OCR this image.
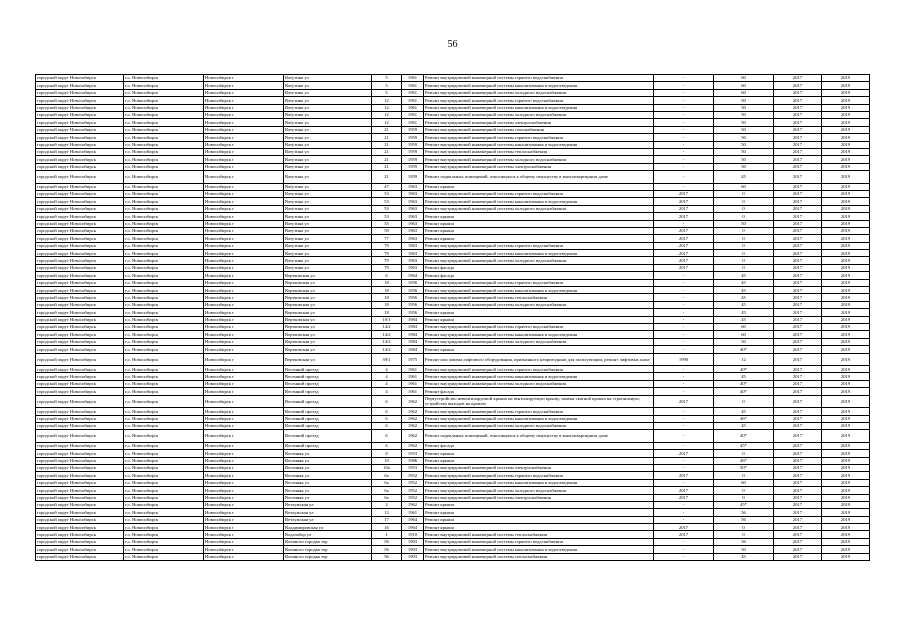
56
городской округ Новосибирск	г.о. Новосибирск	Новосибирск г	Ватутина ул	5	1961	Ремонт внутридомовой инженерной системы горячего водоснабжения	-	60	2017	2019
городской округ Новосибирск	г.о. Новосибирск	Новосибирск г	Ватутина ул	5	1961	Ремонт внутридомовой инженерной системы канализования и водоотведения	-	60	2017	2019
городской округ Новосибирск	г.о. Новосибирск	Новосибирск г	Ватутина ул	5	1961	Ремонт внутридомовой инженерной системы холодного водоснабжения	-	60	2017	2019
городской округ Новосибирск	г.о. Новосибирск	Новосибирск г	Ватутина ул	12	1961	Ремонт внутридомовой инженерной системы горячего водоснабжения	-	50	2017	2019
городской округ Новосибирск	г.о. Новосибирск	Новосибирск г	Ватутина ул	12	1961	Ремонт внутридомовой инженерной системы канализования и водоотведения	-	50	2017	2019
городской округ Новосибирск	г.о. Новосибирск	Новосибирск г	Ватутина ул	12	1961	Ремонт внутридомовой инженерной системы холодного водоснабжения	-	50	2017	2019
городской округ Новосибирск	г.о. Новосибирск	Новосибирск г	Ватутина ул	12	1961	Ремонт внутридомовой инженерной системы электроснабжения	-	50	2017	2019
городской округ Новосибирск	г.о. Новосибирск	Новосибирск г	Ватутина ул	21	1959	Ремонт внутридомовой инженерной системы газоснабжения	-	50	2017	2019
городской округ Новосибирск	г.о. Новосибирск	Новосибирск г	Ватутина ул	21	1959	Ремонт внутридомовой инженерной системы горячего водоснабжения	-	50	2017	2019
городской округ Новосибирск	г.о. Новосибирск	Новосибирск г	Ватутина ул	21	1959	Ремонт внутридомовой инженерной системы канализования и водоотведения	-	50	2017	2019
городской округ Новосибирск	г.о. Новосибирск	Новосибирск г	Ватутина ул	21	1959	Ремонт внутридомовой инженерной системы теплоснабжения	-	50	2017	2019
городской округ Новосибирск	г.о. Новосибирск	Новосибирск г	Ватутина ул	21	1959	Ремонт внутридомовой инженерной системы холодного водоснабжения	-	50	2017	2019
городской округ Новосибирск	г.о. Новосибирск	Новосибирск г	Ватутина ул	21	1959	Ремонт внутридомовой инженерной системы электроснабжения	-	50	2017	2019
городской округ Новосибирск	г.о. Новосибирск	Новосибирск г	Ватутина ул	21	1959	Ремонт подвальных помещений, относящихся к общему имуществу в многоквартирном доме	-	45	2017	2019
городской округ Новосибирск	г.о. Новосибирск	Новосибирск г	Ватутина ул	47	1963	Ремонт крыши	-	60	2017	2019
городской округ Новосибирск	г.о. Новосибирск	Новосибирск г	Ватутина ул	53	1963	Ремонт внутридомовой инженерной системы горячего водоснабжения	2017	0	2017	2019
городской округ Новосибирск	г.о. Новосибирск	Новосибирск г	Ватутина ул	53	1963	Ремонт внутридомовой инженерной системы канализования и водоотведения	2017	0	2017	2019
городской округ Новосибирск	г.о. Новосибирск	Новосибирск г	Ватутина ул	53	1963	Ремонт внутридомовой инженерной системы холодного водоснабжения	2017	0	2017	2019
городской округ Новосибирск	г.о. Новосибирск	Новосибирск г	Ватутина ул	53	1963	Ремонт крыши	2017	0	2017	2019
городской округ Новосибирск	г.о. Новосибирск	Новосибирск г	Ватутина ул	55	1963	Ремонт крыши	-	50	2017	2019
городской округ Новосибирск	г.о. Новосибирск	Новосибирск г	Ватутина ул	59	1963	Ремонт крыши	2017	0	2017	2019
городской округ Новосибирск	г.о. Новосибирск	Новосибирск г	Ватутина ул	77	1963	Ремонт крыши	2017	0	2017	2019
городской округ Новосибирск	г.о. Новосибирск	Новосибирск г	Ватутина ул	79	1963	Ремонт внутридомовой инженерной системы горячего водоснабжения	2017	0	2017	2019
городской округ Новосибирск	г.о. Новосибирск	Новосибирск г	Ватутина ул	79	1963	Ремонт внутридомовой инженерной системы канализования и водоотведения	2017	0	2017	2019
городской округ Новосибирск	г.о. Новосибирск	Новосибирск г	Ватутина ул	79	1963	Ремонт внутридомовой инженерной системы холодного водоснабжения	2017	0	2017	2019
городской округ Новосибирск	г.о. Новосибирск	Новосибирск г	Ватутина ул	79	1963	Ремонт фасада	2017	0	2017	2019
городской округ Новосибирск	г.о. Новосибирск	Новосибирск г	Вертковская ул	6	1964	Ремонт фасада	-	45	2017	2019
городской округ Новосибирск	г.о. Новосибирск	Новосибирск г	Вертковская ул	18	1956	Ремонт внутридомовой инженерной системы горячего водоснабжения	-	45	2017	2019
городской округ Новосибирск	г.о. Новосибирск	Новосибирск г	Вертковская ул	18	1956	Ремонт внутридомовой инженерной системы канализования и водоотведения	-	45	2017	2019
городской округ Новосибирск	г.о. Новосибирск	Новосибирск г	Вертковская ул	18	1956	Ремонт внутридомовой инженерной системы теплоснабжения	-	45	2017	2019
городской округ Новосибирск	г.о. Новосибирск	Новосибирск г	Вертковская ул	18	1956	Ремонт внутридомовой инженерной системы холодного водоснабжения	-	45	2017	2019
городской округ Новосибирск	г.о. Новосибирск	Новосибирск г	Вертковская ул	18	1956	Ремонт крыши	-	45	2017	2019
городской округ Новосибирск	г.о. Новосибирск	Новосибирск г	Вертковская ул	10/1	1984	Ремонт крыши	-	45	2017	2019
городской округ Новосибирск	г.о. Новосибирск	Новосибирск г	Вертковская ул	14/2	1984	Ремонт внутридомовой инженерной системы горячего водоснабжения	-	60	2017	2019
городской округ Новосибирск	г.о. Новосибирск	Новосибирск г	Вертковская ул	14/2	1984	Ремонт внутридомовой инженерной системы канализования и водоотведения	-	60	2017	2019
городской округ Новосибирск	г.о. Новосибирск	Новосибирск г	Вертковская ул	14/2	1984	Ремонт внутридомовой инженерной системы холодного водоснабжения	-	50	2017	2019
городской округ Новосибирск	г.о. Новосибирск	Новосибирск г	Вертковская ул	14/2	1984	Ремонт крыши	-	40*	2017	2019
городской округ Новосибирск	г.о. Новосибирск	Новосибирск г	Вертковская ул	39/1	1975	Ремонт или замена лифтового оборудования, признанного непригодным для эксплуатации, ремонт лифтовых шахт	1990	12	2017	2019
городской округ Новосибирск	г.о. Новосибирск	Новосибирск г	Весенний проезд	4	1961	Ремонт внутридомовой инженерной системы горячего водоснабжения	-	40*	2017	2019
городской округ Новосибирск	г.о. Новосибирск	Новосибирск г	Весенний проезд	4	1961	Ремонт внутридомовой инженерной системы канализования и водоотведения	-	45	2017	2019
городской округ Новосибирск	г.о. Новосибирск	Новосибирск г	Весенний проезд	4	1961	Ремонт внутридомовой инженерной системы холодного водоснабжения	-	40*	2017	2019
городской округ Новосибирск	г.о. Новосибирск	Новосибирск г	Весенний проезд	4	1961	Ремонт фасада	-	40*	2017	2019
городской округ Новосибирск	г.о. Новосибирск	Новосибирск г	Весенний проезд	6	1962	Переустройство невентилируемой крыши на вентилируемую крышу, замена скатной кровли на стропильную, устройство выходов на кровлю	2017	0	2017	2019
городской округ Новосибирск	г.о. Новосибирск	Новосибирск г	Весенний проезд	6	1962	Ремонт внутридомовой инженерной системы горячего водоснабжения	-	45	2017	2019
городской округ Новосибирск	г.о. Новосибирск	Новосибирск г	Весенний проезд	6	1962	Ремонт внутридомовой инженерной системы канализования и водоотведения	-	46*	2017	2019
городской округ Новосибирск	г.о. Новосибирск	Новосибирск г	Весенний проезд	6	1962	Ремонт внутридомовой инженерной системы холодного водоснабжения	-	45	2017	2019
городской округ Новосибирск	г.о. Новосибирск	Новосибирск г	Весенний проезд	6	1962	Ремонт подвальных помещений, относящихся к общему имуществу в многоквартирном доме	-	40*	2017	2019
городской округ Новосибирск	г.о. Новосибирск	Новосибирск г	Весенний проезд	6	1962	Ремонт фасада	-	45*	2017	2019
городской округ Новосибирск	г.о. Новосибирск	Новосибирск г	Весенняя ул	8	1953	Ремонт крыши	2017	0	2017	2019
городской округ Новосибирск	г.о. Новосибирск	Новосибирск г	Весенняя ул	10	1986	Ремонт крыши	-	46*	2017	2019
городской округ Новосибирск	г.о. Новосибирск	Новосибирск г	Весенняя ул	10а	1953	Ремонт внутридомовой инженерной системы электроснабжения	-	50*	2017	2019
городской округ Новосибирск	г.о. Новосибирск	Новосибирск г	Весенняя ул	6а	1952	Ремонт внутридомовой инженерной системы горячего водоснабжения	2017	0	2017	2019
городской округ Новосибирск	г.о. Новосибирск	Новосибирск г	Весенняя ул	6а	1952	Ремонт внутридомовой инженерной системы канализования и водоотведения	-	60	2017	2019
городской округ Новосибирск	г.о. Новосибирск	Новосибирск г	Весенняя ул	6а	1952	Ремонт внутридомовой инженерной системы холодного водоснабжения	2017	0	2017	2019
городской округ Новосибирск	г.о. Новосибирск	Новосибирск г	Весенняя ул	6а	1952	Ремонт внутридомовой инженерной системы электроснабжения	2017	0	2017	2019
городской округ Новосибирск	г.о. Новосибирск	Новосибирск г	Ветлужская ул	2	1962	Ремонт крыши	-	45*	2017	2019
городской округ Новосибирск	г.о. Новосибирск	Новосибирск г	Ветлужская ул	13	1961	Ремонт крыши	-	56	2017	2019
городской округ Новосибирск	г.о. Новосибирск	Новосибирск г	Ветлужская ул	17	1964	Ремонт крыши	-	56	2017	2019
городской округ Новосибирск	г.о. Новосибирск	Новосибирск г	Владимировская ул	16	1964	Ремонт крыши	2017	0	2017	2019
городской округ Новосибирск	г.о. Новосибирск	Новосибирск г	Водозабор ул	1	1910	Ремонт внутридомовой инженерной системы теплоснабжения	2017	0	2017	2019
городской округ Новосибирск	г.о. Новосибирск	Новосибирск г	Военного городка тер	56	1903	Ремонт внутридомовой инженерной системы горячего водоснабжения	-	56	2017	2019
городской округ Новосибирск	г.о. Новосибирск	Новосибирск г	Военного городка тер	56	1903	Ремонт внутридомовой инженерной системы канализования и водоотведения	-	50	2017	2019
городской округ Новосибирск	г.о. Новосибирск	Новосибирск г	Военного городка тер	56	1903	Ремонт внутридомовой инженерной системы теплоснабжения	-	45	2017	2019
